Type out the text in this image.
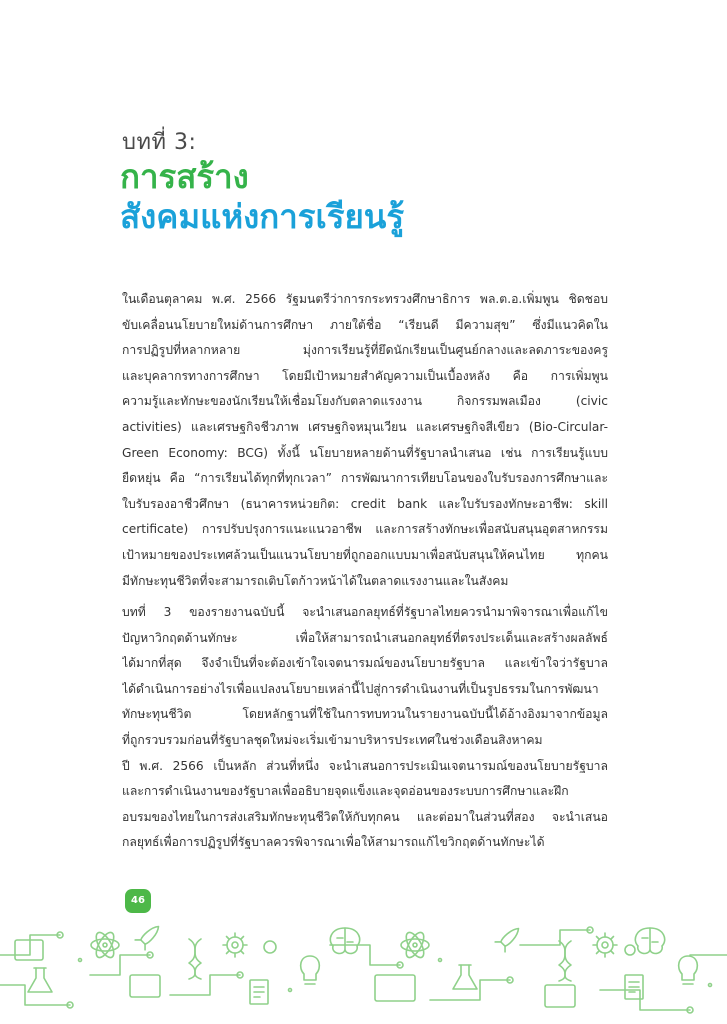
บทที่ 3:
การสร้าง
สังคมแห่งการเรียนรู้
ในเดือนตุลาคม พ.ศ. 2566 รัฐมนตรีว่าการกระทรวงศึกษาธิการ พล.ต.อ.เพิ่มพูน ชิดชอบ
ขับเคลื่อนนโยบายใหม่ด้านการศึกษา ภายใต้ชื่อ “เรียนดี มีความสุข” ซึ่งมีแนวคิดใน
การปฏิรูปที่หลากหลาย มุ่งการเรียนรู้ที่ยึดนักเรียนเป็นศูนย์กลางและลดภาระของครู
และบุคลากรทางการศึกษา โดยมีเป้าหมายสำคัญความเป็นเบื้องหลัง คือ การเพิ่มพูน
ความรู้และทักษะของนักเรียนให้เชื่อมโยงกับตลาดแรงงาน กิจกรรมพลเมือง (civic
activities) และเศรษฐกิจชีวภาพ เศรษฐกิจหมุนเวียน และเศรษฐกิจสีเขียว (Bio-Circular-
Green Economy: BCG) ทั้งนี้ นโยบายหลายด้านที่รัฐบาลนำเสนอ เช่น การเรียนรู้แบบ
ยืดหยุ่น คือ “การเรียนได้ทุกที่ทุกเวลา” การพัฒนาการเทียบโอนของใบรับรองการศึกษาและ
ใบรับรองอาชีวศึกษา (ธนาคารหน่วยกิต: credit bank และใบรับรองทักษะอาชีพ: skill
certificate) การปรับปรุงการแนะแนวอาชีพ และการสร้างทักษะเพื่อสนับสนุนอุตสาหกรรม
เป้าหมายของประเทศล้วนเป็นแนวนโยบายที่ถูกออกแบบมาเพื่อสนับสนุนให้คนไทย ทุกคน
มีทักษะทุนชีวิตที่จะสามารถเติบโตก้าวหน้าได้ในตลาดแรงงานและในสังคม
บทที่ 3 ของรายงานฉบับนี้ จะนำเสนอกลยุทธ์ที่รัฐบาลไทยควรนำมาพิจารณาเพื่อแก้ไข
ปัญหาวิกฤตด้านทักษะ เพื่อให้สามารถนำเสนอกลยุทธ์ที่ตรงประเด็นและสร้างผลลัพธ์
ได้มากที่สุด จึงจำเป็นที่จะต้องเข้าใจเจตนารมณ์ของนโยบายรัฐบาล และเข้าใจว่ารัฐบาล
ได้ดำเนินการอย่างไรเพื่อแปลงนโยบายเหล่านี้ไปสู่การดำเนินงานที่เป็นรูปธรรมในการพัฒนา
ทักษะทุนชีวิต โดยหลักฐานที่ใช้ในการทบทวนในรายงานฉบับนี้ได้อ้างอิงมาจากข้อมูล
ที่ถูกรวบรวมก่อนที่รัฐบาลชุดใหม่จะเริ่มเข้ามาบริหารประเทศในช่วงเดือนสิงหาคม
ปี พ.ศ. 2566 เป็นหลัก ส่วนที่หนึ่ง จะนำเสนอการประเมินเจตนารมณ์ของนโยบายรัฐบาล
และการดำเนินงานของรัฐบาลเพื่ออธิบายจุดแข็งและจุดอ่อนของระบบการศึกษาและฝึก
อบรมของไทยในการส่งเสริมทักษะทุนชีวิตให้กับทุกคน และต่อมาในส่วนที่สอง จะนำเสนอ
กลยุทธ์เพื่อการปฏิรูปที่รัฐบาลควรพิจารณาเพื่อให้สามารถแก้ไขวิกฤตด้านทักษะได้
46
